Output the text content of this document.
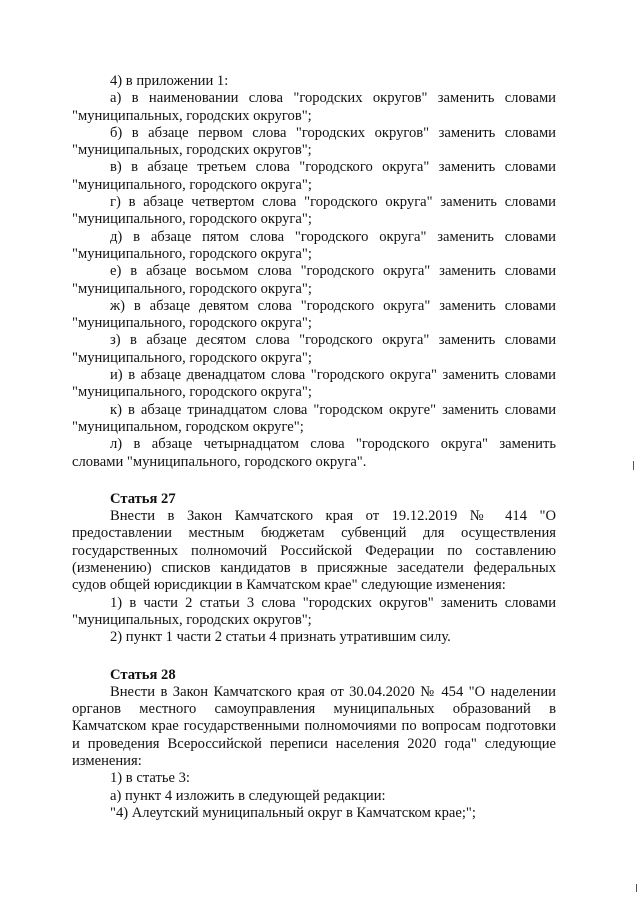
4) в приложении 1:

а) в наименовании слова "городских округов" заменить словами "муниципальных, городских округов";

б) в абзаце первом слова "городских округов" заменить словами "муниципальных, городских округов";

в) в абзаце третьем слова "городского округа" заменить словами "муниципального, городского округа";

г) в абзаце четвертом слова "городского округа" заменить словами "муниципального, городского округа";

д) в абзаце пятом слова "городского округа" заменить словами "муниципального, городского округа";

е) в абзаце восьмом слова "городского округа" заменить словами "муниципального, городского округа";

ж) в абзаце девятом слова "городского округа" заменить словами "муниципального, городского округа";

з) в абзаце десятом слова "городского округа" заменить словами "муниципального, городского округа";

и) в абзаце двенадцатом слова "городского округа" заменить словами "муниципального, городского округа";

к) в абзаце тринадцатом слова "городском округе" заменить словами "муниципальном, городском округе";

л) в абзаце четырнадцатом слова "городского округа" заменить словами "муниципального, городского округа".

Статья 27

Внести в Закон Камчатского края от 19.12.2019 № 414 "О предоставлении местным бюджетам субвенций для осуществления государственных полномочий Российской Федерации по составлению (изменению) списков кандидатов в присяжные заседатели федеральных судов общей юрисдикции в Камчатском крае" следующие изменения:

1) в части 2 статьи 3 слова "городских округов" заменить словами "муниципальных, городских округов";

2) пункт 1 части 2 статьи 4 признать утратившим силу.

Статья 28

Внести в Закон Камчатского края от 30.04.2020 № 454 "О наделении органов местного самоуправления муниципальных образований в Камчатском крае государственными полномочиями по вопросам подготовки и проведения Всероссийской переписи населения 2020 года" следующие изменения:

1) в статье 3:

а) пункт 4 изложить в следующей редакции:

"4) Алеутский муниципальный округ в Камчатском крае;";
